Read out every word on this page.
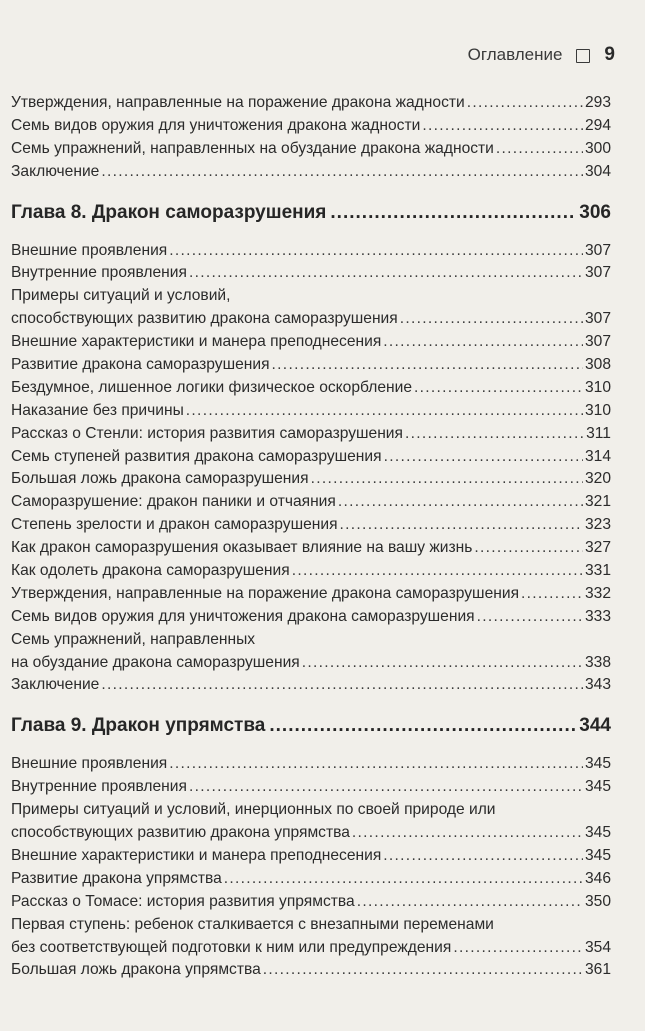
Оглавление 9
Утверждения, направленные на поражение дракона жадности .....	293
Семь видов оружия для уничтожения дракона жадности .....	294
Семь упражнений, направленных на обуздание дракона жадности .....	300
Заключение .....	304
Глава 8. Дракон саморазрушения .....	306
Внешние проявления .....	307
Внутренние проявления .....	307
Примеры ситуаций и условий,
способствующих развитию дракона саморазрушения .....	307
Внешние характеристики и манера преподнесения .....	307
Развитие дракона саморазрушения .....	308
Бездумное, лишенное логики физическое оскорбление .....	310
Наказание без причины .....	310
Рассказ о Стенли: история развития саморазрушения .....	311
Семь ступеней развития дракона саморазрушения .....	314
Большая ложь дракона саморазрушения .....	320
Саморазрушение: дракон паники и отчаяния .....	321
Степень зрелости и дракон саморазрушения .....	323
Как дракон саморазрушения оказывает влияние на вашу жизнь .....	327
Как одолеть дракона саморазрушения .....	331
Утверждения, направленные на поражение дракона саморазрушения .....	332
Семь видов оружия для уничтожения дракона саморазрушения .....	333
Семь упражнений, направленных
на обуздание дракона саморазрушения .....	338
Заключение .....	343
Глава 9. Дракон упрямства .....	344
Внешние проявления .....	345
Внутренние проявления .....	345
Примеры ситуаций и условий, инерционных по своей природе или
способствующих развитию дракона упрямства .....	345
Внешние характеристики и манера преподнесения .....	345
Развитие дракона упрямства .....	346
Рассказ о Томасе: история развития упрямства .....	350
Первая ступень: ребенок сталкивается с внезапными переменами
без соответствующей подготовки к ним или предупреждения .....	354
Большая ложь дракона упрямства .....	361
